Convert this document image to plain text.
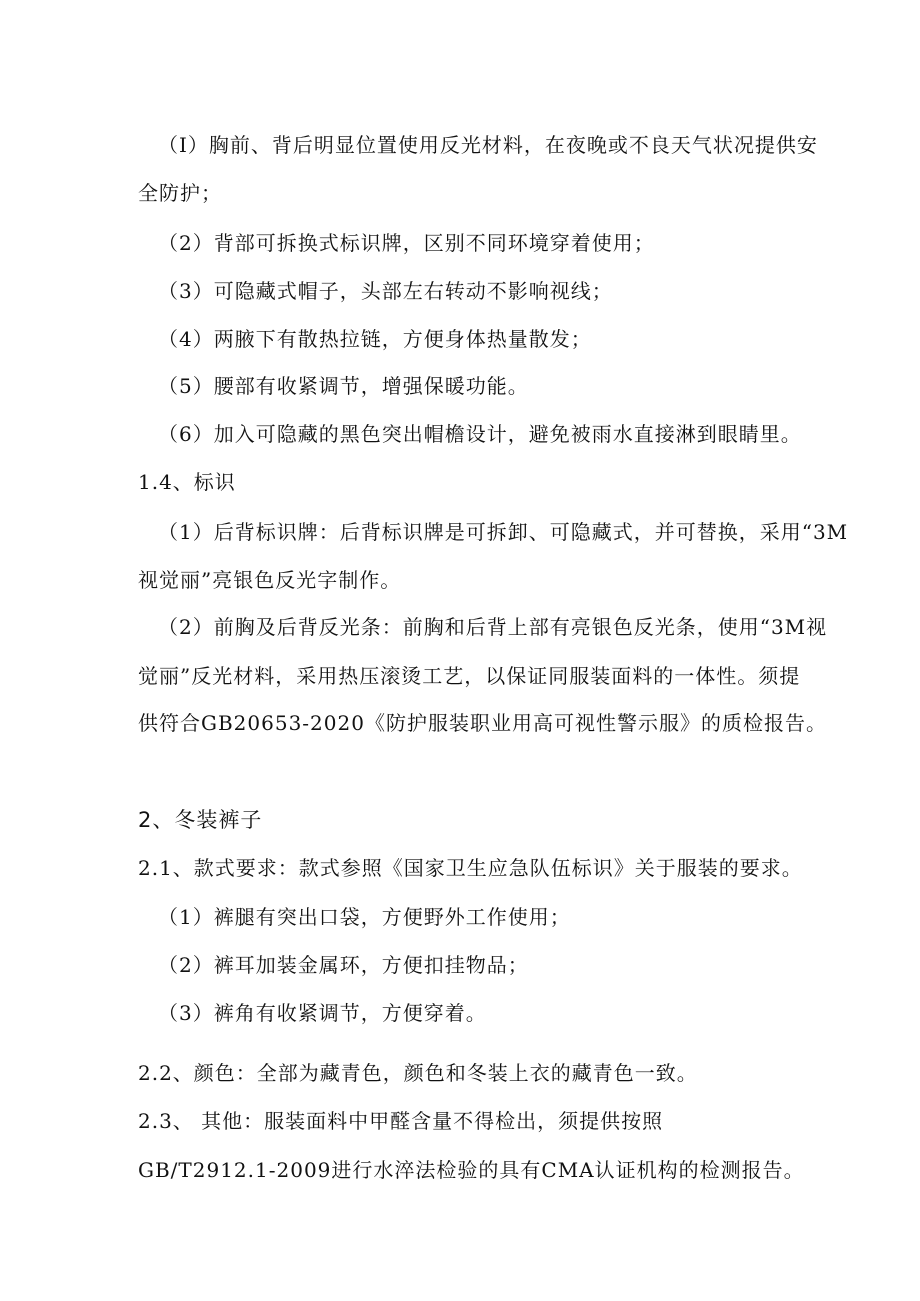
（I）胸前、背后明显位置使用反光材料，在夜晚或不良天气状况提供安

全防护；

（2）背部可拆换式标识牌，区别不同环境穿着使用；

（3）可隐藏式帽子，头部左右转动不影响视线；

（4）两腋下有散热拉链，方便身体热量散发；

（5）腰部有收紧调节，增强保暖功能。

（6）加入可隐藏的黑色突出帽檐设计，避免被雨水直接淋到眼睛里。

1.4、标识

（1）后背标识牌：后背标识牌是可拆卸、可隐藏式，并可替换，采用“3M

视觉丽”亮银色反光字制作。

（2）前胸及后背反光条：前胸和后背上部有亮银色反光条，使用“3M视

觉丽”反光材料，采用热压滚烫工艺，以保证同服装面料的一体性。须提

供符合GB20653-2020《防护服装职业用高可视性警示服》的质检报告。

2、冬装裤子

2.1、款式要求：款式参照《国家卫生应急队伍标识》关于服装的要求。

（1）裤腿有突出口袋，方便野外工作使用；

（2）裤耳加装金属环，方便扣挂物品；

（3）裤角有收紧调节，方便穿着。

2.2、颜色：全部为藏青色，颜色和冬装上衣的藏青色一致。

2.3、 其他：服装面料中甲醛含量不得检出，须提供按照

GB/T2912.1-2009进行水淬法检验的具有CMA认证机构的检测报告。
